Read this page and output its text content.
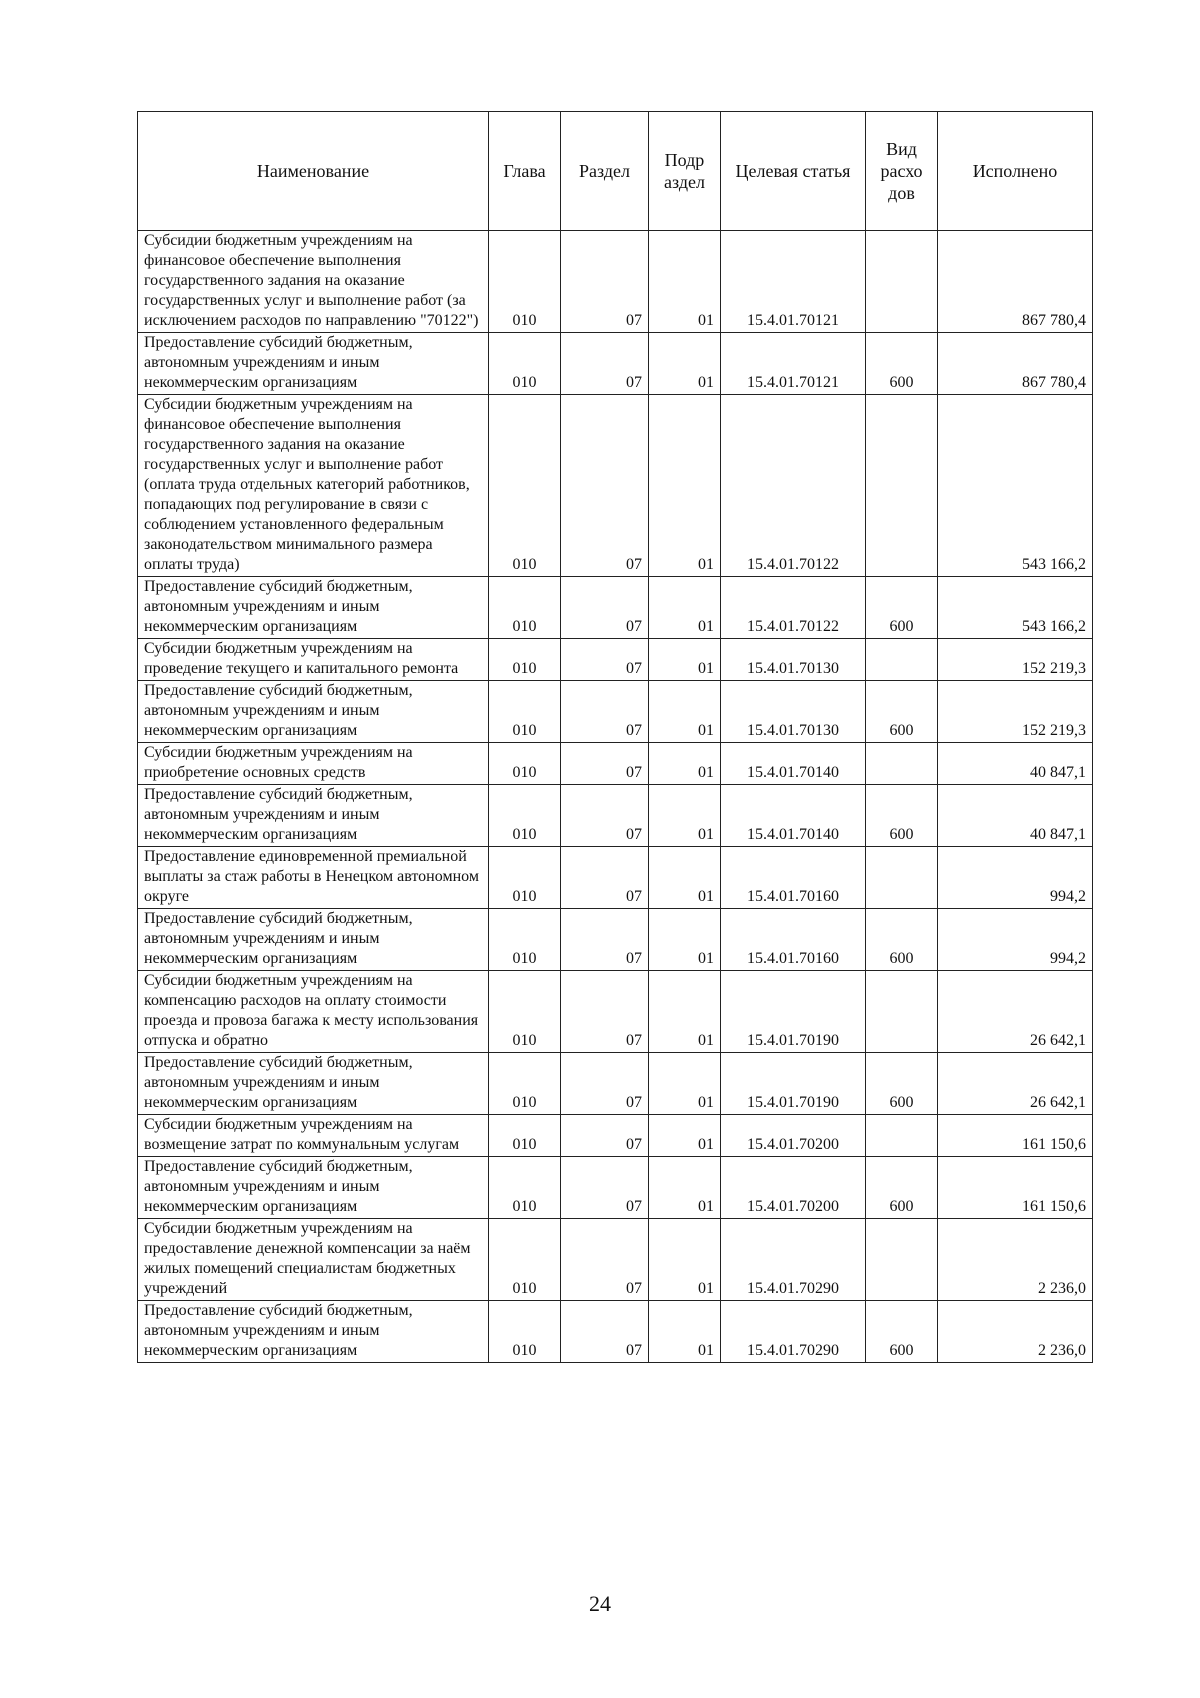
Наименование	Глава	Раздел	Подр аздел	Целевая статья	Вид расхо дов	Исполнено
Субсидии бюджетным учреждениям на финансовое обеспечение выполнения государственного задания на оказание государственных услуг и выполнение работ (за исключением расходов по направлению "70122")	010	07	01	15.4.01.70121		867 780,4
Предоставление субсидий бюджетным, автономным учреждениям и иным некоммерческим организациям	010	07	01	15.4.01.70121	600	867 780,4
Субсидии бюджетным учреждениям на финансовое обеспечение выполнения государственного задания на оказание государственных услуг и выполнение работ (оплата труда отдельных категорий работников, попадающих под регулирование в связи с соблюдением установленного федеральным законодательством минимального размера оплаты труда)	010	07	01	15.4.01.70122		543 166,2
Предоставление субсидий бюджетным, автономным учреждениям и иным некоммерческим организациям	010	07	01	15.4.01.70122	600	543 166,2
Субсидии бюджетным учреждениям на проведение текущего и капитального ремонта	010	07	01	15.4.01.70130		152 219,3
Предоставление субсидий бюджетным, автономным учреждениям и иным некоммерческим организациям	010	07	01	15.4.01.70130	600	152 219,3
Субсидии бюджетным учреждениям на приобретение основных средств	010	07	01	15.4.01.70140		40 847,1
Предоставление субсидий бюджетным, автономным учреждениям и иным некоммерческим организациям	010	07	01	15.4.01.70140	600	40 847,1
Предоставление единовременной премиальной выплаты за стаж работы в Ненецком автономном округе	010	07	01	15.4.01.70160		994,2
Предоставление субсидий бюджетным, автономным учреждениям и иным некоммерческим организациям	010	07	01	15.4.01.70160	600	994,2
Субсидии бюджетным учреждениям на компенсацию расходов на оплату стоимости проезда и провоза багажа к месту использования отпуска и обратно	010	07	01	15.4.01.70190		26 642,1
Предоставление субсидий бюджетным, автономным учреждениям и иным некоммерческим организациям	010	07	01	15.4.01.70190	600	26 642,1
Субсидии бюджетным учреждениям на возмещение затрат по коммунальным услугам	010	07	01	15.4.01.70200		161 150,6
Предоставление субсидий бюджетным, автономным учреждениям и иным некоммерческим организациям	010	07	01	15.4.01.70200	600	161 150,6
Субсидии бюджетным учреждениям на предоставление денежной компенсации за наём жилых помещений специалистам бюджетных учреждений	010	07	01	15.4.01.70290		2 236,0
Предоставление субсидий бюджетным, автономным учреждениям и иным некоммерческим организациям	010	07	01	15.4.01.70290	600	2 236,0
24
